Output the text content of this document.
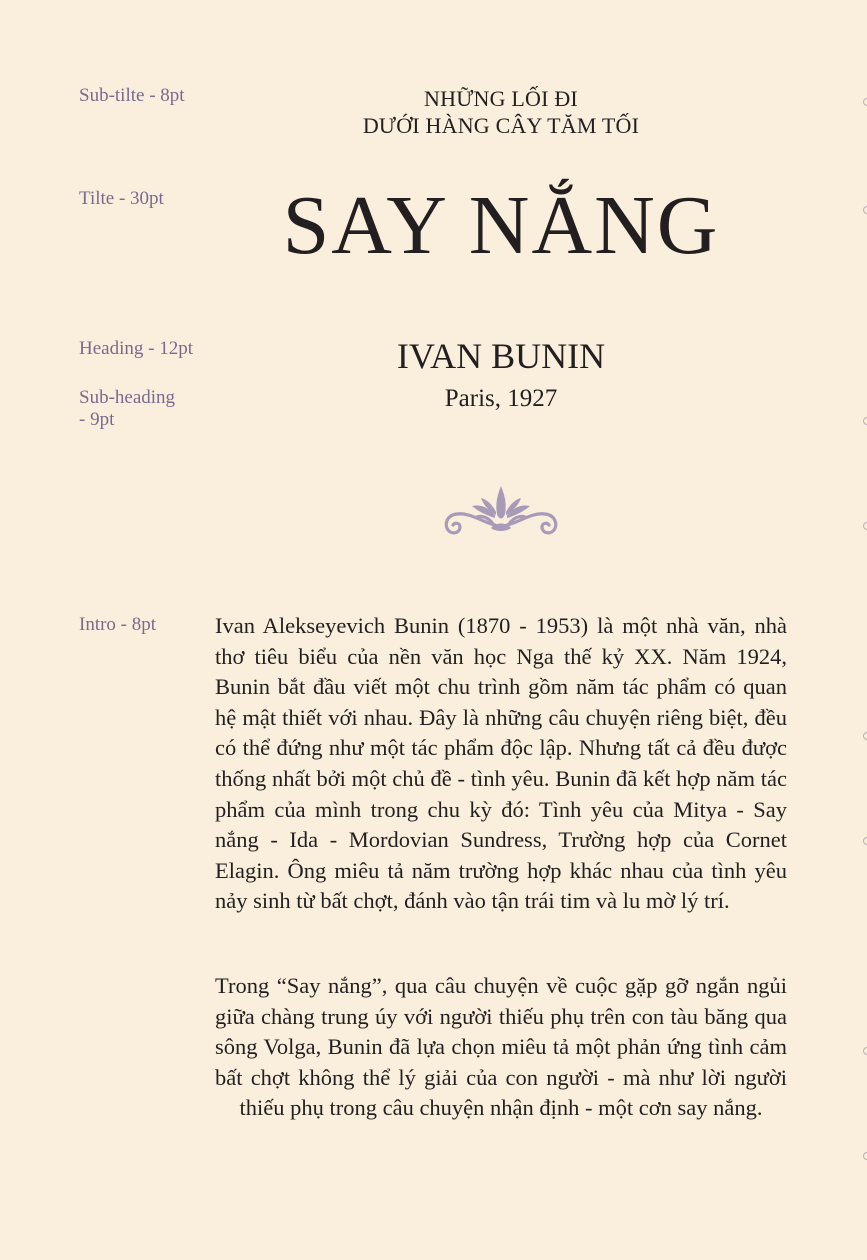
Sub-tilte - 8pt
Tilte - 30pt
Heading - 12pt
Sub-heading
- 9pt
Intro - 8pt
NHỮNG LỐI ĐI
DƯỚI HÀNG CÂY TĂM TỐI
SAY NẮNG
IVAN BUNIN
Paris, 1927
Ivan Alekseyevich Bunin (1870 - 1953) là một nhà văn, nhà thơ tiêu biểu của nền văn học Nga thế kỷ XX. Năm 1924, Bunin bắt đầu viết một chu trình gồm năm tác phẩm có quan hệ mật thiết với nhau. Đây là những câu chuyện riêng biệt, đều có thể đứng như một tác phẩm độc lập. Nhưng tất cả đều được thống nhất bởi một chủ đề - tình yêu. Bunin đã kết hợp năm tác phẩm của mình trong chu kỳ đó: Tình yêu của Mitya - Say nắng - Ida - Mordovian Sundress, Trường hợp của Cornet Elagin. Ông miêu tả năm trường hợp khác nhau của tình yêu nảy sinh từ bất chợt, đánh vào tận trái tim và lu mờ lý trí.
Trong “Say nắng”, qua câu chuyện về cuộc gặp gỡ ngắn ngủi giữa chàng trung úy với người thiếu phụ trên con tàu băng qua sông Volga, Bunin đã lựa chọn miêu tả một phản ứng tình cảm bất chợt không thể lý giải của con người - mà như lời người thiếu phụ trong câu chuyện nhận định - một cơn say nắng.
